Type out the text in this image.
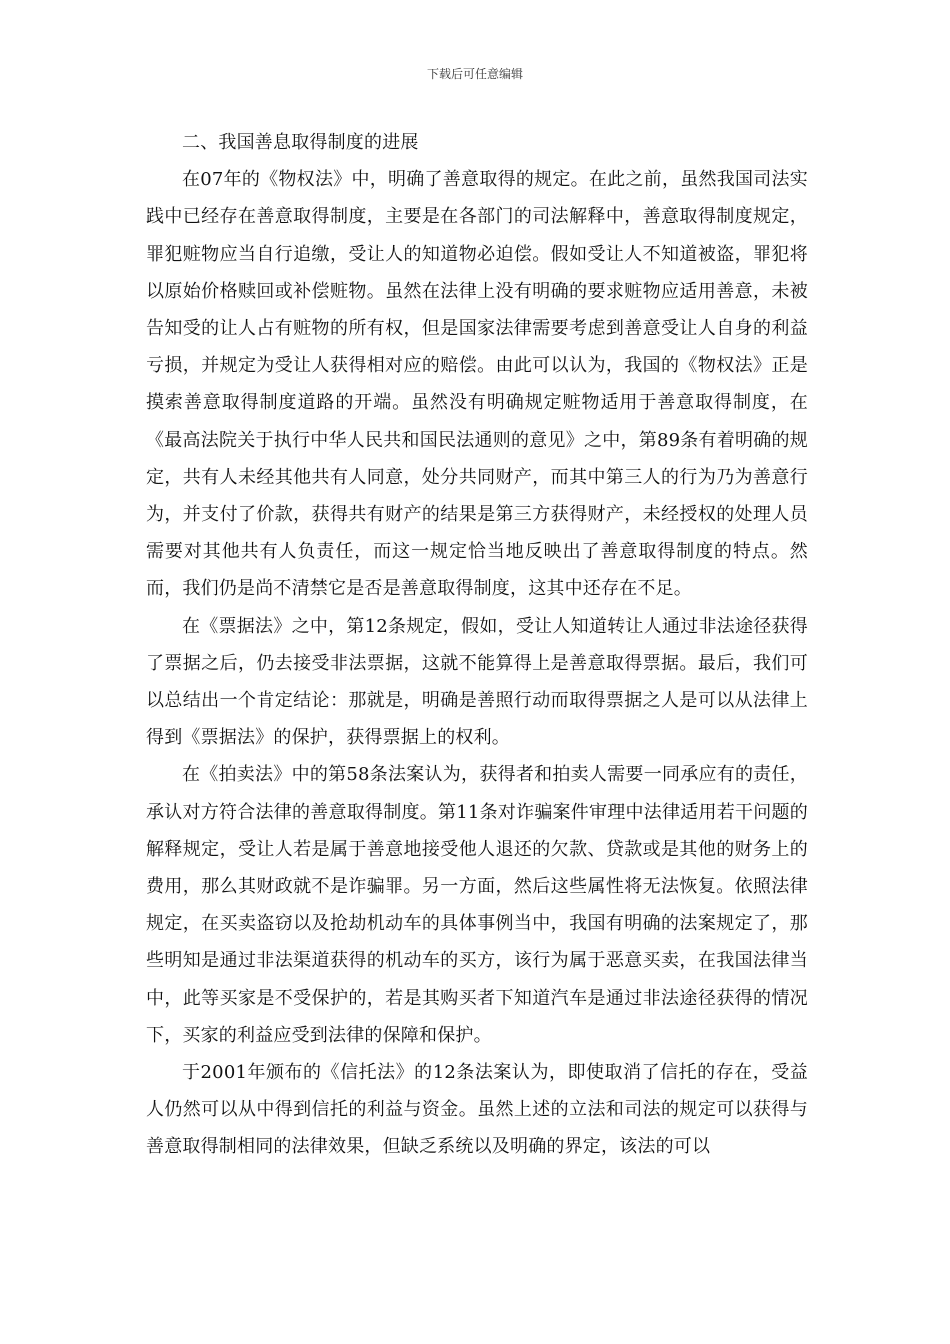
下载后可任意编辑

二、我国善息取得制度的进展

在07年的《物权法》中，明确了善意取得的规定。在此之前，虽然我国司法实践中已经存在善意取得制度，主要是在各部门的司法解释中，善意取得制度规定，罪犯赃物应当自行追缴，受让人的知道物必迫偿。假如受让人不知道被盗，罪犯将以原始价格赎回或补偿赃物。虽然在法律上没有明确的要求赃物应适用善意，未被告知受的让人占有赃物的所有权，但是国家法律需要考虑到善意受让人自身的利益亏损，并规定为受让人获得相对应的赔偿。由此可以认为，我国的《物权法》正是摸索善意取得制度道路的开端。虽然没有明确规定赃物适用于善意取得制度，在《最高法院关于执行中华人民共和国民法通则的意见》之中，第89条有着明确的规定，共有人未经其他共有人同意，处分共同财产，而其中第三人的行为乃为善意行为，并支付了价款，获得共有财产的结果是第三方获得财产，未经授权的处理人员需要对其他共有人负责任，而这一规定恰当地反映出了善意取得制度的特点。然而，我们仍是尚不清禁它是否是善意取得制度，这其中还存在不足。

在《票据法》之中，第12条规定，假如，受让人知道转让人通过非法途径获得了票据之后，仍去接受非法票据，这就不能算得上是善意取得票据。最后，我们可以总结出一个肯定结论：那就是，明确是善照行动而取得票据之人是可以从法律上得到《票据法》的保护，获得票据上的权利。

在《拍卖法》中的第58条法案认为，获得者和拍卖人需要一同承应有的责任，承认对方符合法律的善意取得制度。第11条对诈骗案件审理中法律适用若干问题的解释规定，受让人若是属于善意地接受他人退还的欠款、贷款或是其他的财务上的费用，那么其财政就不是诈骗罪。另一方面，然后这些属性将无法恢复。依照法律规定，在买卖盗窃以及抢劫机动车的具体事例当中，我国有明确的法案规定了，那些明知是通过非法渠道获得的机动车的买方，该行为属于恶意买卖，在我国法律当中，此等买家是不受保护的，若是其购买者下知道汽车是通过非法途径获得的情况下，买家的利益应受到法律的保障和保护。

于2001年颁布的《信托法》的12条法案认为，即使取消了信托的存在，受益人仍然可以从中得到信托的利益与资金。虽然上述的立法和司法的规定可以获得与善意取得制相同的法律效果，但缺乏系统以及明确的界定，该法的可以
